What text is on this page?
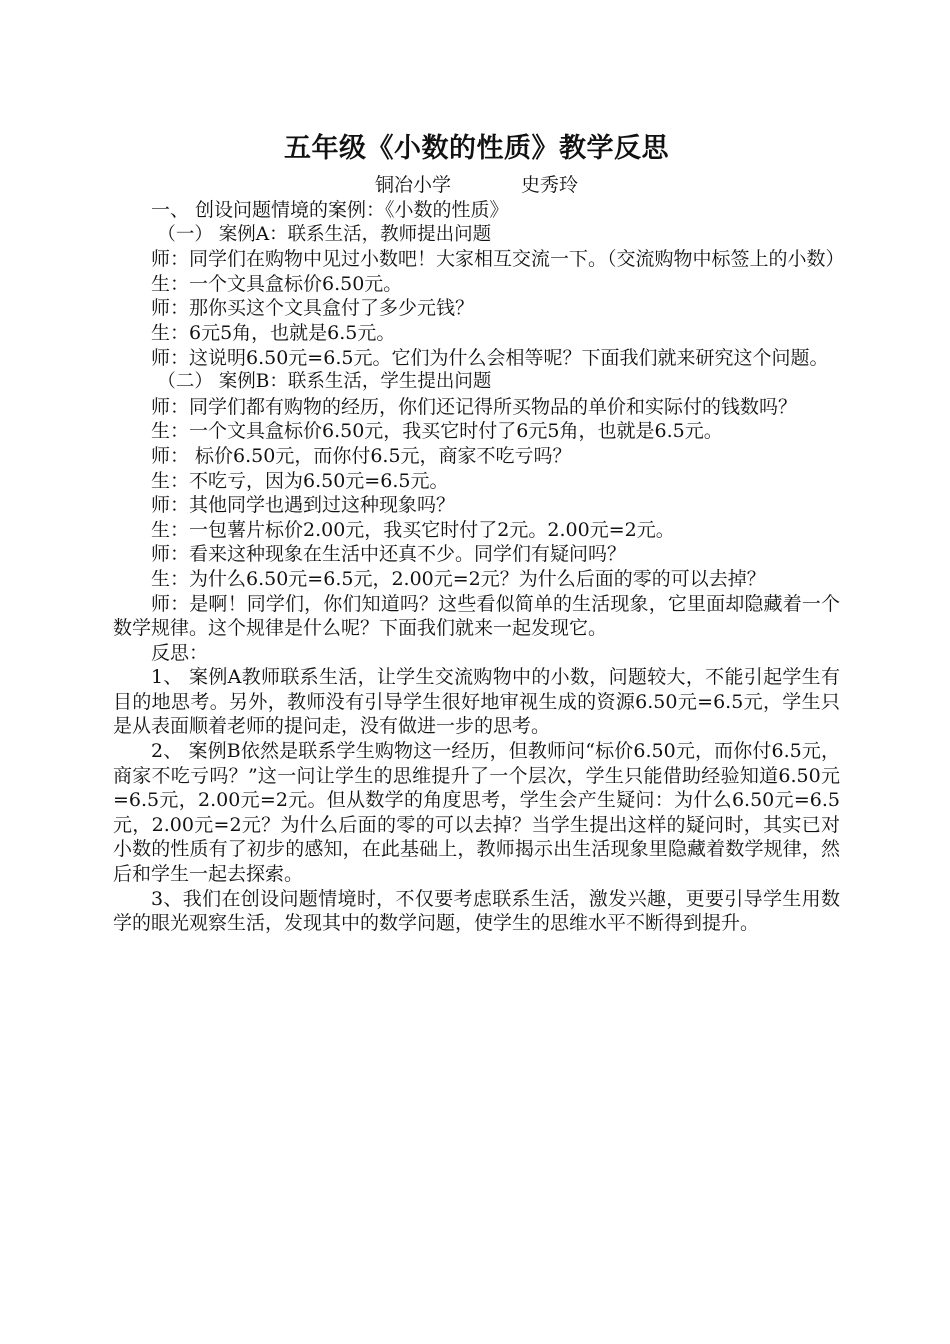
五年级《小数的性质》教学反思
铜冶小学	史秀玲

一、 创设问题情境的案例：《小数的性质》

（一） 案例A：联系生活，教师提出问题

师：同学们在购物中见过小数吧！大家相互交流一下。（交流购物中标签上的小数）

生：一个文具盒标价6.50元。

师：那你买这个文具盒付了多少元钱？

生：6元5角，也就是6.5元。

师：这说明6.50元=6.5元。它们为什么会相等呢？下面我们就来研究这个问题。

（二） 案例B：联系生活，学生提出问题

师：同学们都有购物的经历，你们还记得所买物品的单价和实际付的钱数吗？

生：一个文具盒标价6.50元，我买它时付了6元5角，也就是6.5元。

师： 标价6.50元，而你付6.5元，商家不吃亏吗？

生：不吃亏，因为6.50元=6.5元。

师：其他同学也遇到过这种现象吗？

生：一包薯片标价2.00元，我买它时付了2元。2.00元=2元。

师：看来这种现象在生活中还真不少。同学们有疑问吗？

生：为什么6.50元=6.5元，2.00元=2元？为什么后面的零的可以去掉？

师：是啊！同学们，你们知道吗？这些看似简单的生活现象，它里面却隐藏着一个数学规律。这个规律是什么呢？下面我们就来一起发现它。

反思：

1、 案例A教师联系生活，让学生交流购物中的小数，问题较大，不能引起学生有目的地思考。另外，教师没有引导学生很好地审视生成的资源6.50元=6.5元，学生只是从表面顺着老师的提问走，没有做进一步的思考。

2、 案例B依然是联系学生购物这一经历，但教师问“标价6.50元，而你付6.5元，商家不吃亏吗？”这一问让学生的思维提升了一个层次，学生只能借助经验知道6.50元=6.5元，2.00元=2元。但从数学的角度思考，学生会产生疑问：为什么6.50元=6.5元，2.00元=2元？为什么后面的零的可以去掉？当学生提出这样的疑问时，其实已对小数的性质有了初步的感知，在此基础上，教师揭示出生活现象里隐藏着数学规律，然后和学生一起去探索。

3、我们在创设问题情境时，不仅要考虑联系生活，激发兴趣，更要引导学生用数学的眼光观察生活，发现其中的数学问题，使学生的思维水平不断得到提升。
